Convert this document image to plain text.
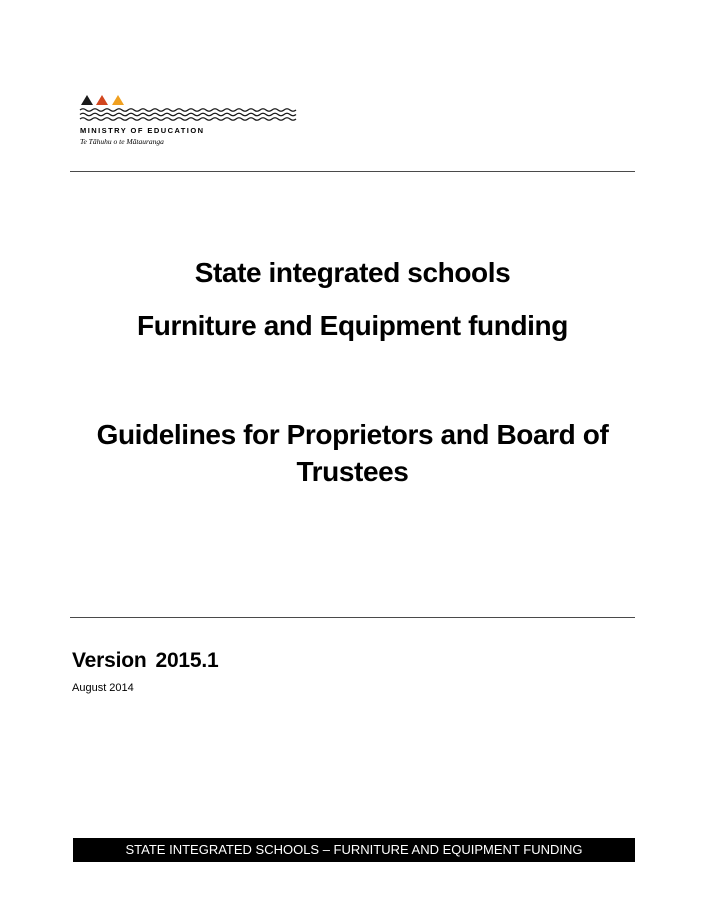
MINISTRY OF EDUCATION
Te Tāhuhu o te Mātauranga
State integrated schools
Furniture and Equipment funding
Guidelines for Proprietors and Board of Trustees
Version 2015.1
August 2014
STATE INTEGRATED SCHOOLS – FURNITURE AND EQUIPMENT FUNDING
